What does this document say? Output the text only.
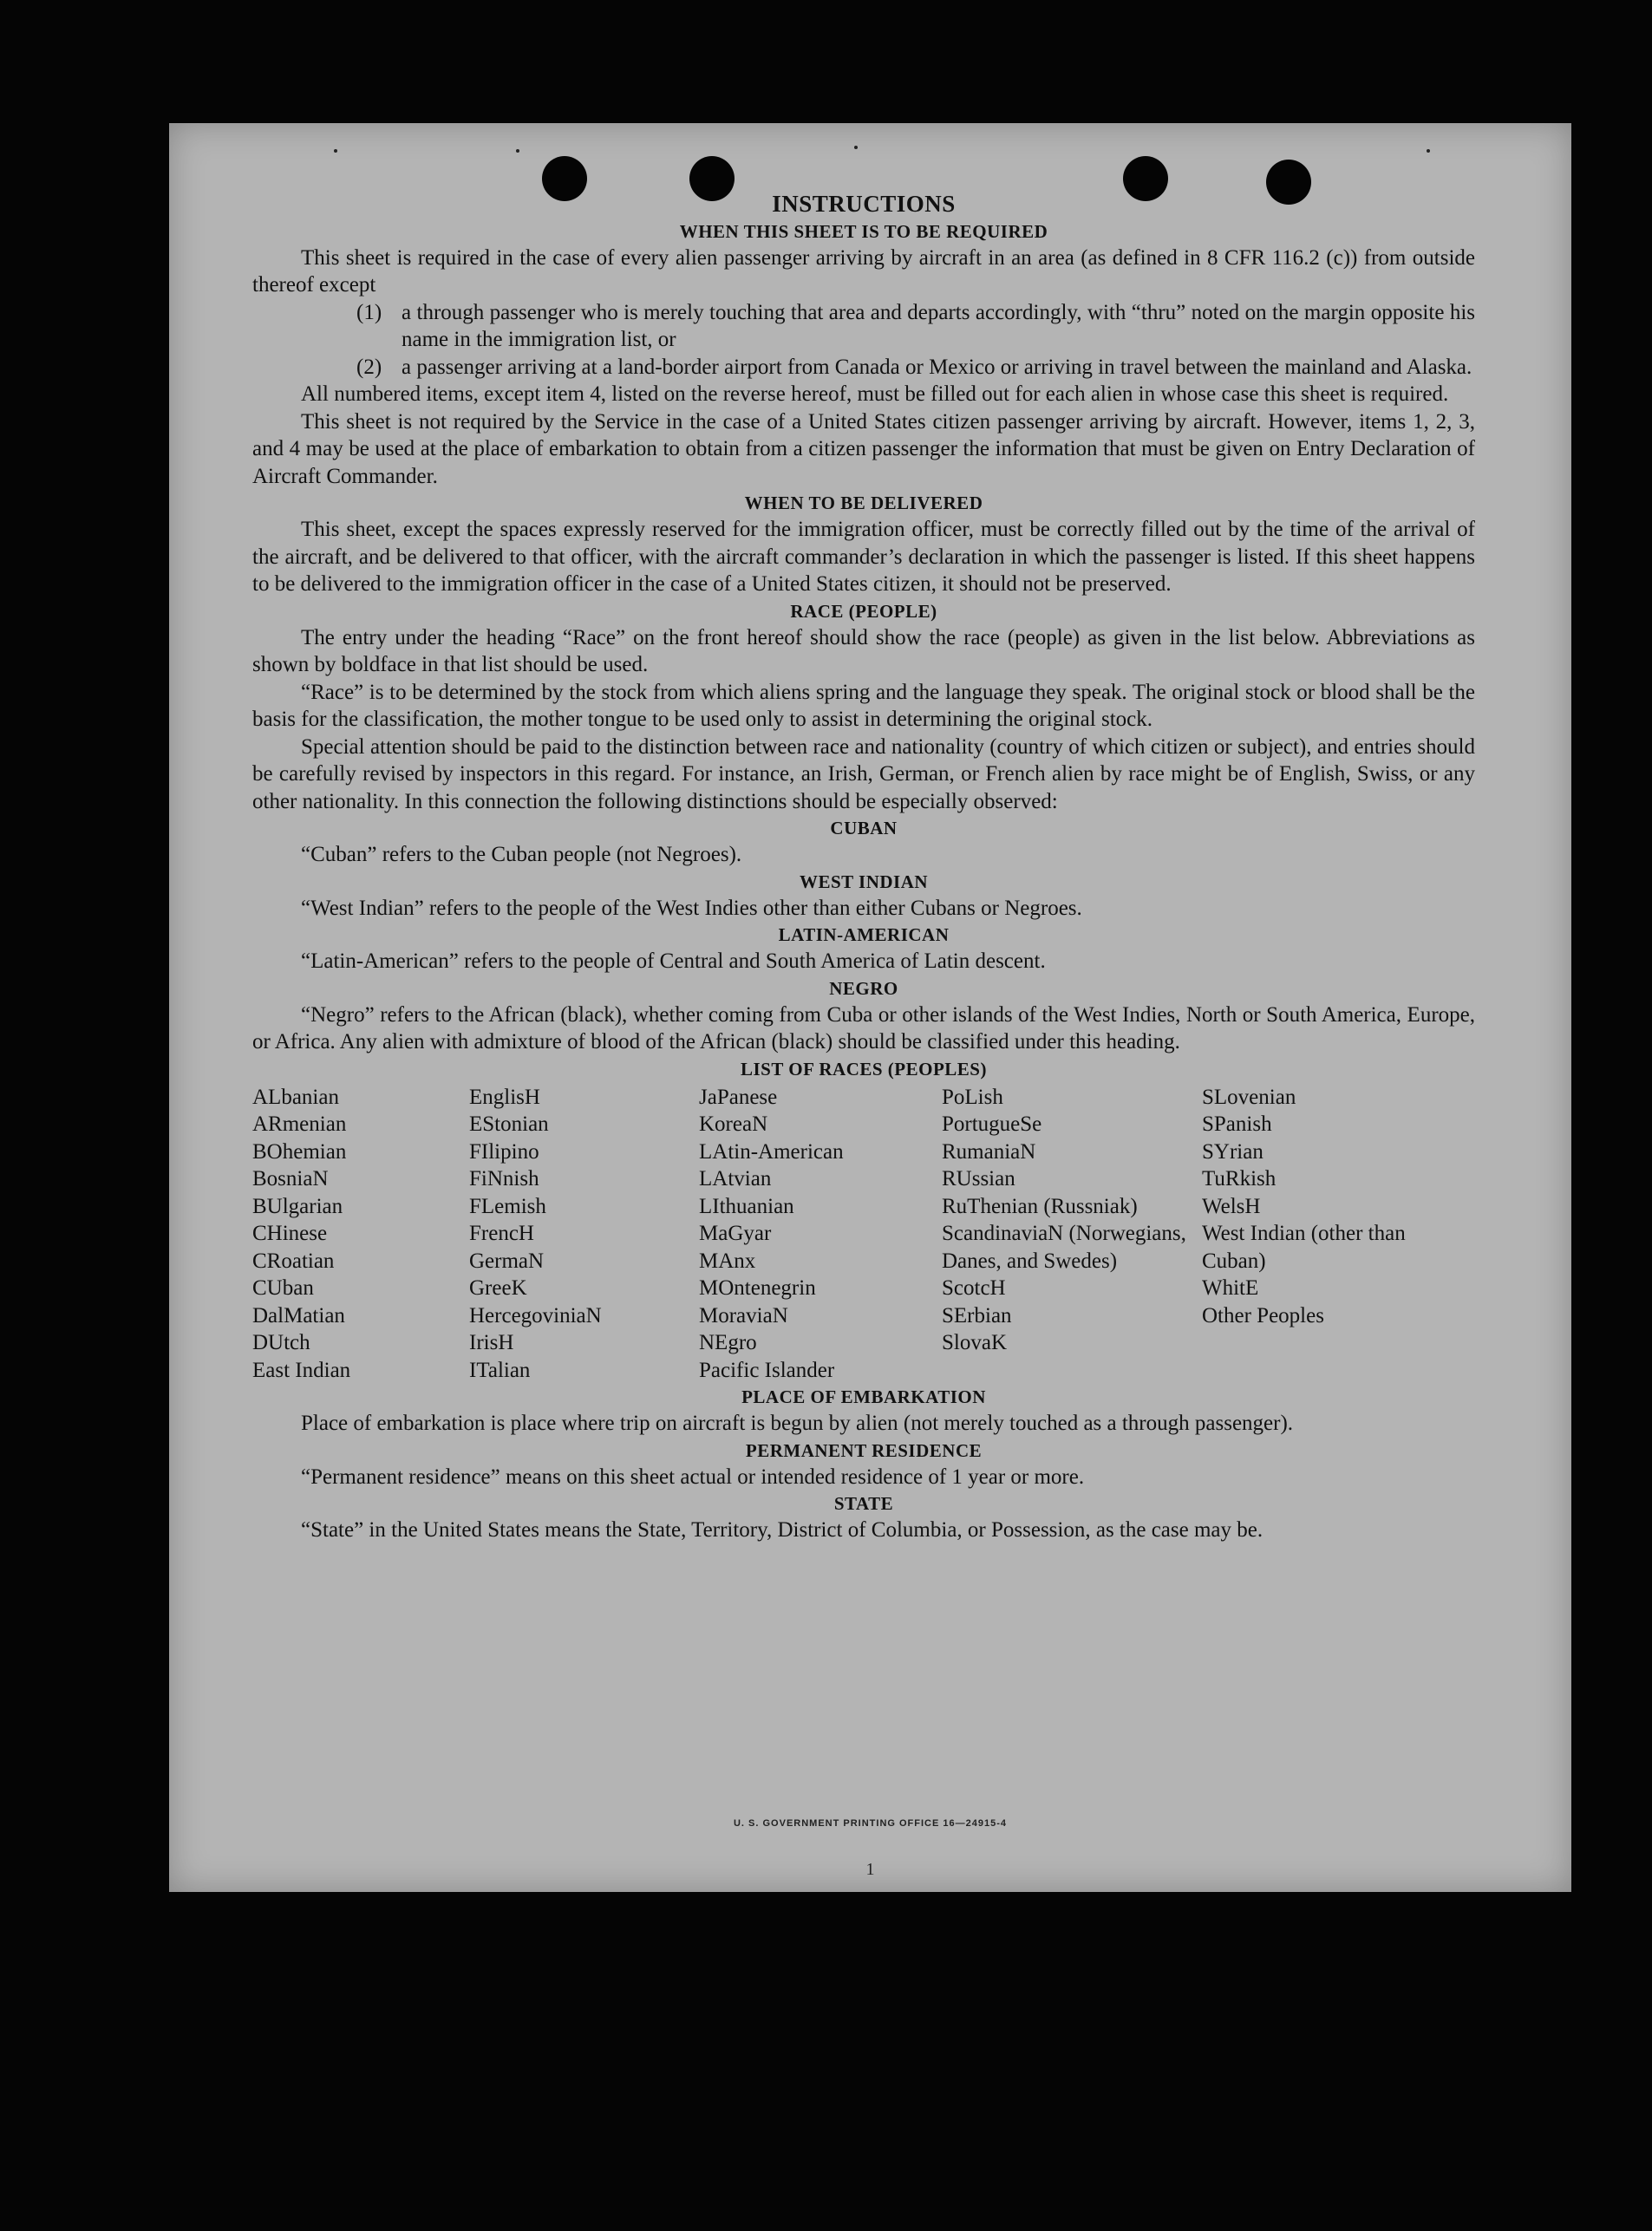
INSTRUCTIONS
WHEN THIS SHEET IS TO BE REQUIRED

This sheet is required in the case of every alien passenger arriving by aircraft in an area (as defined in 8 CFR 116.2 (c)) from outside thereof except

(1) a through passenger who is merely touching that area and departs accordingly, with “thru” noted on the margin opposite his name in the immigration list, or

(2) a passenger arriving at a land-border airport from Canada or Mexico or arriving in travel between the mainland and Alaska.

All numbered items, except item 4, listed on the reverse hereof, must be filled out for each alien in whose case this sheet is required.

This sheet is not required by the Service in the case of a United States citizen passenger arriving by aircraft. However, items 1, 2, 3, and 4 may be used at the place of embarkation to obtain from a citizen passenger the information that must be given on Entry Declaration of Aircraft Commander.

WHEN TO BE DELIVERED

This sheet, except the spaces expressly reserved for the immigration officer, must be correctly filled out by the time of the arrival of the aircraft, and be delivered to that officer, with the aircraft commander’s declaration in which the passenger is listed. If this sheet happens to be delivered to the immigration officer in the case of a United States citizen, it should not be preserved.

RACE (PEOPLE)

The entry under the heading “Race” on the front hereof should show the race (people) as given in the list below. Abbreviations as shown by boldface in that list should be used.

“Race” is to be determined by the stock from which aliens spring and the language they speak. The original stock or blood shall be the basis for the classification, the mother tongue to be used only to assist in determining the original stock.

Special attention should be paid to the distinction between race and nationality (country of which citizen or subject), and entries should be carefully revised by inspectors in this regard. For instance, an Irish, German, or French alien by race might be of English, Swiss, or any other nationality. In this connection the following distinctions should be especially observed:

CUBAN

“Cuban” refers to the Cuban people (not Negroes).

WEST INDIAN

“West Indian” refers to the people of the West Indies other than either Cubans or Negroes.

LATIN-AMERICAN

“Latin-American” refers to the people of Central and South America of Latin descent.

NEGRO

“Negro” refers to the African (black), whether coming from Cuba or other islands of the West Indies, North or South America, Europe, or Africa. Any alien with admixture of blood of the African (black) should be classified under this heading.

LIST OF RACES (PEOPLES)
ALbanian
ARmenian
BOhemian
BosniaN
BUlgarian
CHinese
CRoatian
CUban
DalMatian
DUtch
East Indian
EnglisH
EStonian
FIlipino
FiNnish
FLemish
FrencH
GermaN
GreeK
HercegoviniaN
IrisH
ITalian
JaPanese
KoreaN
LAtin-American
LAtvian
LIthuanian
MaGyar
MAnx
MOntenegrin
MoraviaN
NEgro
Pacific Islander
PoLish
PortugueSe
RumaniaN
RUssian
RuThenian (Russniak)
ScandinaviaN (Norwegians, Danes, and Swedes)
ScotcH
SErbian
SlovaK
SLovenian
SPanish
SYrian
TuRkish
WelsH
West Indian (other than Cuban)
WhitE
Other Peoples
PLACE OF EMBARKATION

Place of embarkation is place where trip on aircraft is begun by alien (not merely touched as a through passenger).

PERMANENT RESIDENCE

“Permanent residence” means on this sheet actual or intended residence of 1 year or more.

STATE

“State” in the United States means the State, Territory, District of Columbia, or Possession, as the case may be.

U. S. GOVERNMENT PRINTING OFFICE 16—24915-4
1
